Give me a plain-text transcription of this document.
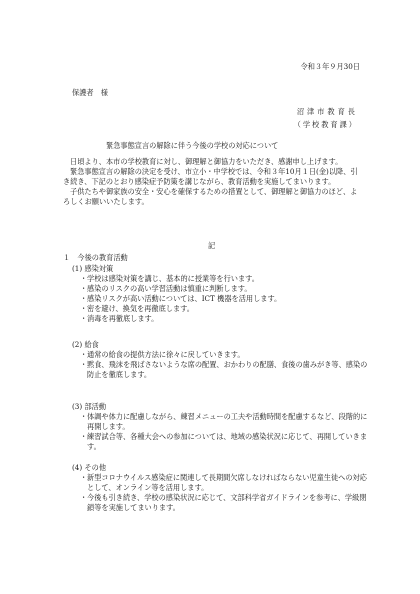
令和３年９月30日
保護者　様
沼津市教育長
（学校教育課）
緊急事態宣言の解除に伴う今後の学校の対応について

日頃より、本市の学校教育に対し、御理解と御協力をいただき、感謝申し上げます。

緊急事態宣言の解除の決定を受け、市立小・中学校では、令和３年10月１日(金)以降、引き続き、下記のとおり感染症予防策を講じながら、教育活動を実施してまいります。

子供たちや御家族の安全・安心を確保するための措置として、御理解と御協力のほど、よろしくお願いいたします。

記
１　今後の教育活動
(1) 感染対策
・ 学校は感染対策を講じ、基本的に授業等を行います。
・ 感染のリスクの高い学習活動は慎重に判断します。
・ 感染リスクが高い活動については、ICT 機器を活用します。
・ 密を避け、換気を再徹底します。
・ 消毒を再徹底します。
(2) 給食
・ 通常の給食の提供方法に徐々に戻していきます。
・ 黙食、飛沫を飛ばさないような席の配置、おかわりの配膳、食後の歯みがき等、感染の防止を徹底します。
(3) 部活動
・ 体調や体力に配慮しながら、練習メニューの工夫や活動時間を配慮するなど、段階的に再開します。
・ 練習試合等、各種大会への参加については、地域の感染状況に応じて、再開していきます。
(4) その他
・ 新型コロナウイルス感染症に関連して長期間欠席しなければならない児童生徒への対応として、オンライン等を活用します。
・ 今後も引き続き、学校の感染状況に応じて、文部科学省ガイドラインを参考に、学級閉鎖等を実施してまいります。
